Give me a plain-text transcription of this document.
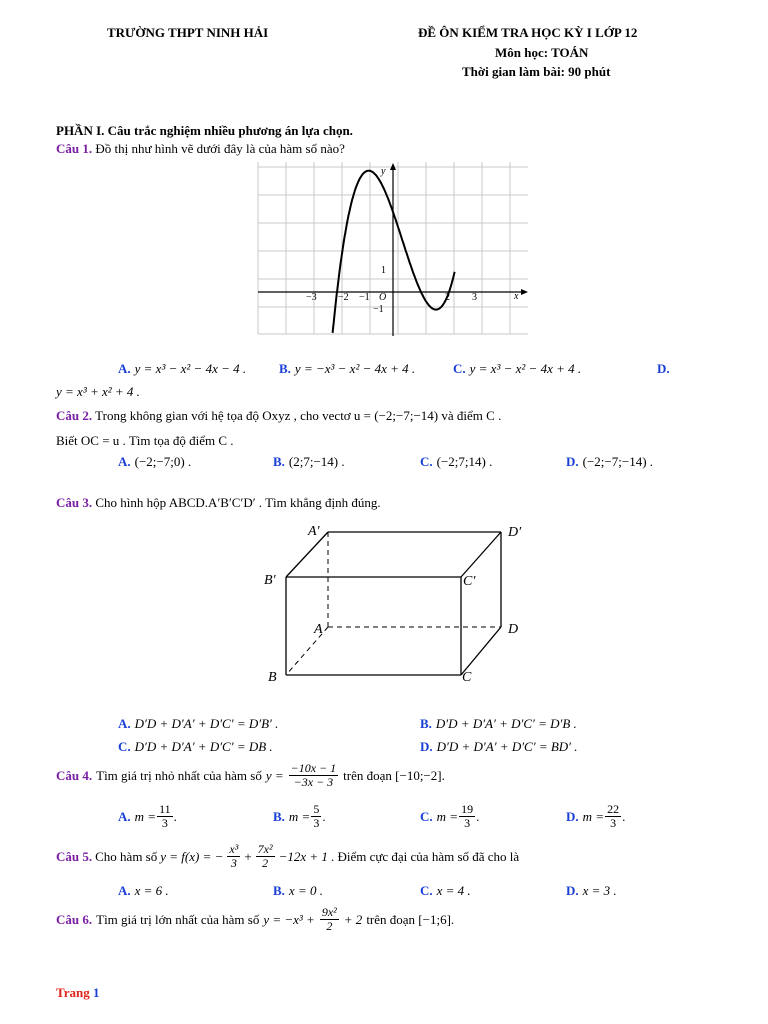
TRƯỜNG THPT NINH HẢI	ĐỀ ÔN KIỂM TRA HỌC KỲ I LỚP 12
Môn học: TOÁN
Thời gian làm bài: 90 phút
PHẦN I. Câu trắc nghiệm nhiều phương án lựa chọn.
Câu 1. Đồ thị như hình vẽ dưới đây là của hàm số nào?
y
x
O
−3 −2 −1	2 3
1
−1
A. y = x³ − x² − 4x − 4 .	B. y = −x³ − x² − 4x + 4 .	C. y = x³ − x² − 4x + 4 .	D.
y = x³ + x² + 4 .
Câu 2. Trong không gian với hệ tọa độ Oxyz , cho vectơ u = (−2;−7;−14) và điểm C .
Biết OC = u . Tìm tọa độ điểm C .
A. (−2;−7;0) .	B. (2;7;−14) .	C. (−2;7;14) .	D. (−2;−7;−14) .
Câu 3. Cho hình hộp ABCD.A′B′C′D′ . Tìm khẳng định đúng.
A′	D′
B′	C′
A	D
B	C
A. D′D + D′A′ + D′C′ = D′B′ .	B. D′D + D′A′ + D′C′ = D′B .
C. D′D + D′A′ + D′C′ = DB .	D. D′D + D′A′ + D′C′ = BD′ .
Câu 4. Tìm giá trị nhỏ nhất của hàm số $y = \frac{-10x - 1}{-3x - 3}$ trên đoạn [−10;−2].
A. $m = \frac{11}{3}$ .	B. $m = \frac{5}{3}$ .	C. $m = \frac{19}{3}$ .	D. $m = \frac{22}{3}$ .
Câu 5. Cho hàm số y = f(x) = − $\frac{\text{x³}}{3} + \frac{\text{7x²}}{2} -12x + 1$ . Điểm cực đại của hàm số đã cho là
A. x = 6 .	B. x = 0 .	C. x = 4 .	D. x = 3 .
Câu 6. Tìm giá trị lớn nhất của hàm số $y = -x^3 + \frac{\text{9x²}}{2} + 2$ trên đoạn [−1;6].
Trang 1
